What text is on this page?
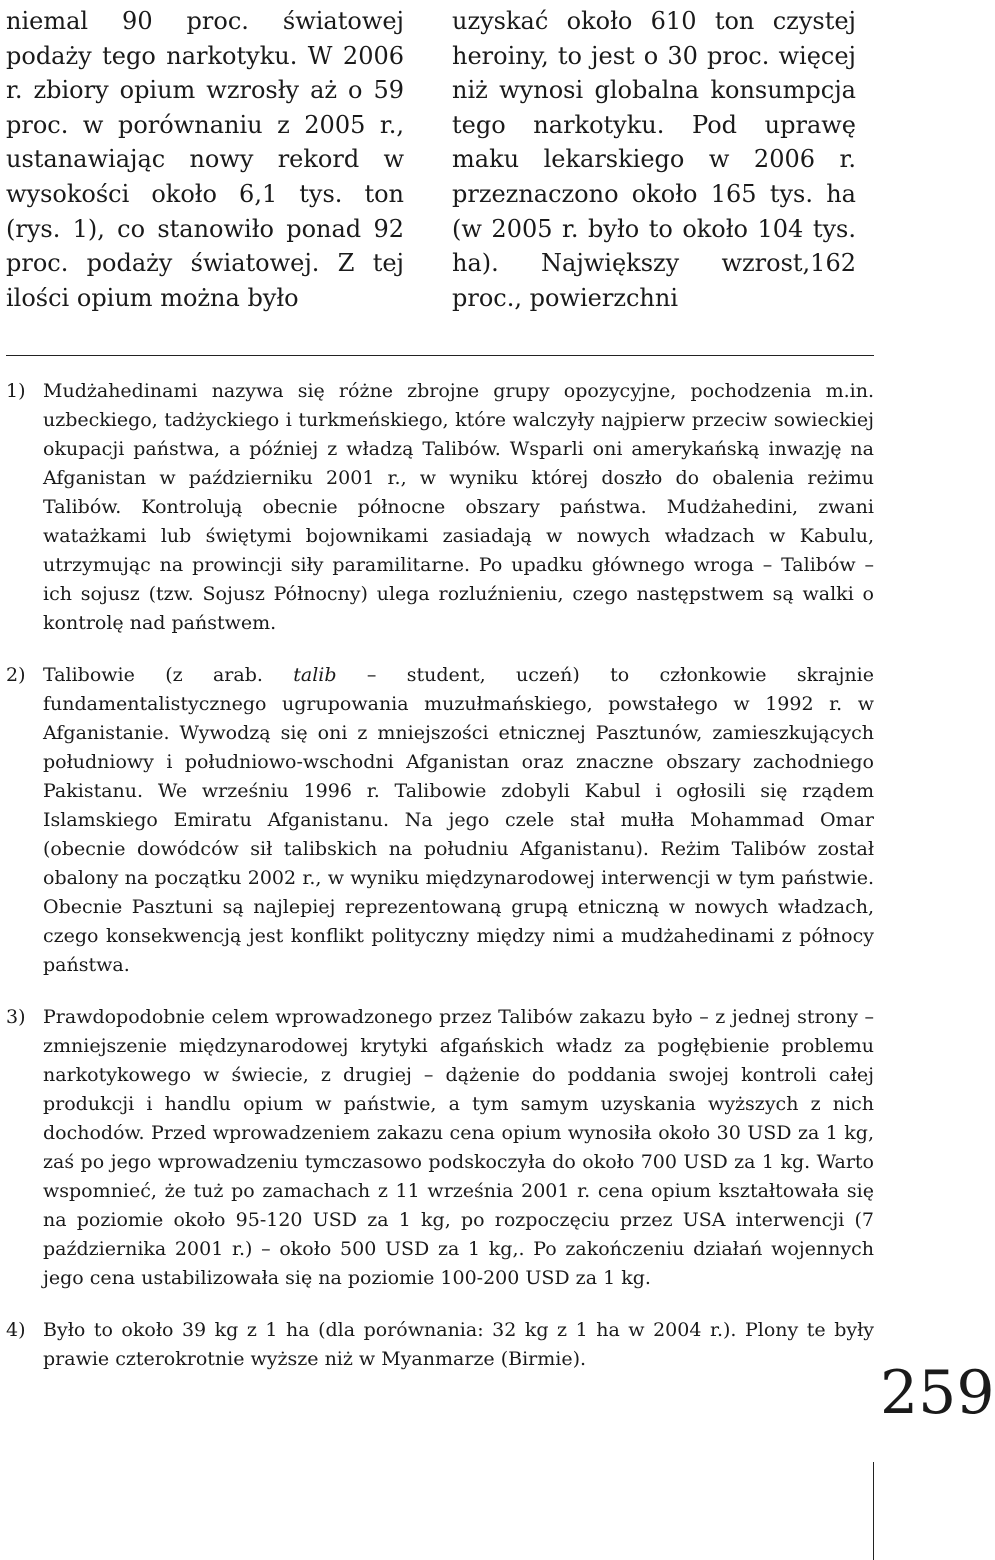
niemal 90 proc. światowej podaży tego narkotyku. W 2006 r. zbiory opium wzrosły aż o 59 proc. w porównaniu z 2005 r., ustanawiając nowy rekord w wysokości około 6,1 tys. ton (rys. 1), co stanowiło ponad 92 proc. podaży światowej. Z tej ilości opium można było
uzyskać około 610 ton czystej heroiny, to jest o 30 proc. więcej niż wynosi globalna konsumpcja tego narkotyku. Pod uprawę maku lekarskiego w 2006 r. przeznaczono około 165 tys. ha (w 2005 r. było to około 104 tys. ha). Największy wzrost,162 proc., powierzchni

1) Mudżahedinami nazywa się różne zbrojne grupy opozycyjne, pochodzenia m.in. uzbeckiego, tadżyckiego i turkmeńskiego, które walczyły najpierw przeciw sowieckiej okupacji państwa, a później z władzą Talibów. Wsparli oni amerykańską inwazję na Afganistan w październiku 2001 r., w wyniku której doszło do obalenia reżimu Talibów. Kontrolują obecnie północne obszary państwa. Mudżahedini, zwani watażkami lub świętymi bojownikami zasiadają w nowych władzach w Kabulu, utrzymując na prowincji siły paramilitarne. Po upadku głównego wroga – Talibów – ich sojusz (tzw. Sojusz Północny) ulega rozluźnieniu, czego następstwem są walki o kontrolę nad państwem.

2) Talibowie (z arab. talib – student, uczeń) to członkowie skrajnie fundamentalistycznego ugrupowania muzułmańskiego, powstałego w 1992 r. w Afganistanie. Wywodzą się oni z mniejszości etnicznej Pasztunów, zamieszkujących południowy i południowo-wschodni Afganistan oraz znaczne obszary zachodniego Pakistanu. We wrześniu 1996 r. Talibowie zdobyli Kabul i ogłosili się rządem Islamskiego Emiratu Afganistanu. Na jego czele stał mułła Mohammad Omar (obecnie dowódców sił talibskich na południu Afganistanu). Reżim Talibów został obalony na początku 2002 r., w wyniku międzynarodowej interwencji w tym państwie. Obecnie Pasztuni są najlepiej reprezentowaną grupą etniczną w nowych władzach, czego konsekwencją jest konflikt polityczny między nimi a mudżahedinami z północy państwa.

3) Prawdopodobnie celem wprowadzonego przez Talibów zakazu było – z jednej strony – zmniejszenie międzynarodowej krytyki afgańskich władz za pogłębienie problemu narkotykowego w świecie, z drugiej – dążenie do poddania swojej kontroli całej produkcji i handlu opium w państwie, a tym samym uzyskania wyższych z nich dochodów. Przed wprowadzeniem zakazu cena opium wynosiła około 30 USD za 1 kg, zaś po jego wprowadzeniu tymczasowo podskoczyła do około 700 USD za 1 kg. Warto wspomnieć, że tuż po zamachach z 11 września 2001 r. cena opium kształtowała się na poziomie około 95-120 USD za 1 kg, po rozpoczęciu przez USA interwencji (7 października 2001 r.) – około 500 USD za 1 kg,. Po zakończeniu działań wojennych jego cena ustabilizowała się na poziomie 100-200 USD za 1 kg.

4) Było to około 39 kg z 1 ha (dla porównania: 32 kg z 1 ha w 2004 r.). Plony te były prawie czterokrotnie wyższe niż w Myanmarze (Birmie).	259
